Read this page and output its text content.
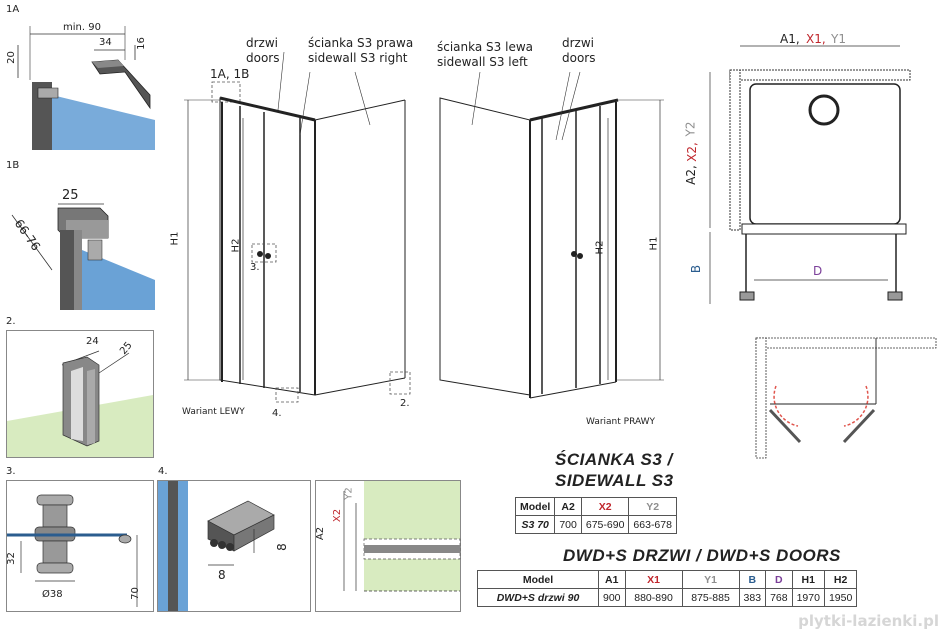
1A
min. 90
34 16
20
1B
25
66-76
2.
24 25
3.
32
Ø38	70
4.
8
8
A2
X2
Y2
1A, 1B
drzwi
doors
ścianka S3 prawa
sidewall S3 right
ścianka S3 lewa
sidewall S3 left
drzwi
doors
H1
H2	H1
H2
3.
4.
2.
Wariant LEWY
Wariant PRAWY
A1, X1, Y1
A2,
X2,
Y2
B	D
ŚCIANKA S3 /
SIDEWALL S3
Model	A2	X2	Y2
S3 70	700	675-690	663-678
DWD+S DRZWI / DWD+S DOORS
Model	A1	X1	Y1	B	D	H1	H2
DWD+S drzwi 90	900	880-890	875-885	383	768	1970	1950
plytki-lazienki.pl
